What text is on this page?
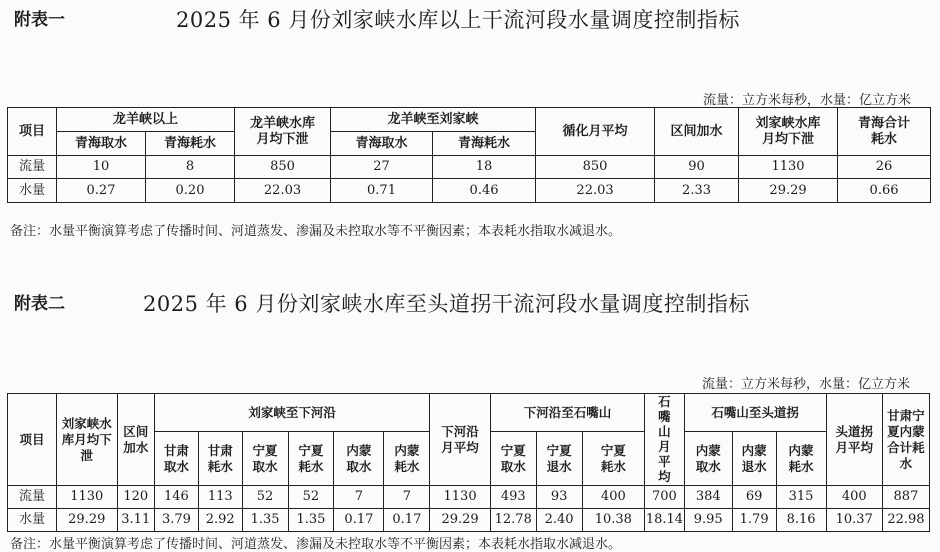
附表一	2025 年 6 月份刘家峡水库以上干流河段水量调度控制指标
流量：立方米每秒，水量：亿立方米
项目	龙羊峡以上		龙羊峡水库月均下泄	龙羊峡至刘家峡		循化月平均	区间加水	刘家峡水库月均下泄	青海合计耗水
	青海取水	青海耗水		青海取水	青海耗水				
流量	10	8	850	27	18	850	90	1130	26
水量	0.27	0.20	22.03	0.71	0.46	22.03	2.33	29.29	0.66
备注：水量平衡演算考虑了传播时间、河道蒸发、渗漏及未控取水等不平衡因素；本表耗水指取水减退水。
附表二	2025 年 6 月份刘家峡水库至头道拐干流河段水量调度控制指标
流量：立方米每秒，水量：亿立方米
项目	刘家峡水库月均下泄	区间加水	刘家峡至下河沿						下河沿月平均	下河沿至石嘴山			石嘴山月平均	石嘴山至头道拐			头道拐月平均	甘肃宁夏内蒙合计耗水
			甘肃取水	甘肃耗水	宁夏取水	宁夏耗水	内蒙取水	内蒙耗水		宁夏取水	宁夏退水	宁夏耗水		内蒙取水	内蒙退水	内蒙耗水		
流量	1130	120	146	113	52	52	7	7	1130	493	93	400	700	384	69	315	400	887
水量	29.29	3.11	3.79	2.92	1.35	1.35	0.17	0.17	29.29	12.78	2.40	10.38	18.14	9.95	1.79	8.16	10.37	22.98
备注：水量平衡演算考虑了传播时间、河道蒸发、渗漏及未控取水等不平衡因素；本表耗水指取水减退水。
